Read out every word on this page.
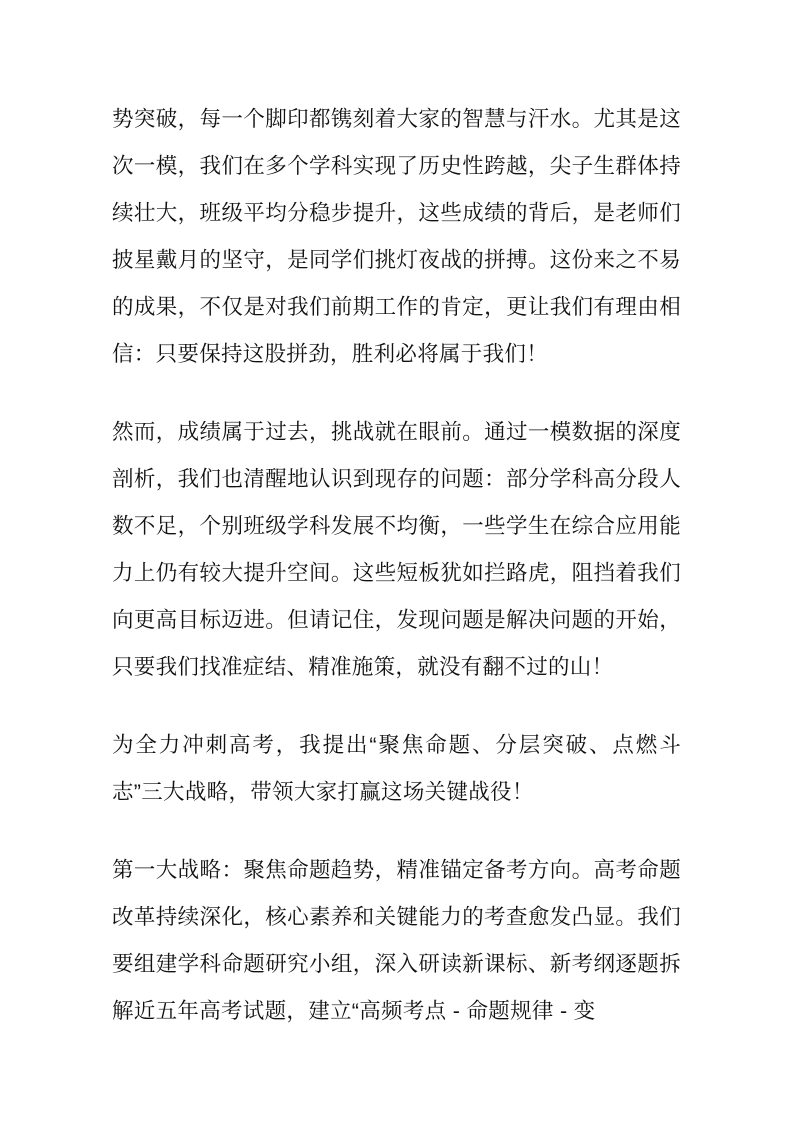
势突破，每一个脚印都镌刻着大家的智慧与汗水。尤其是这次一模，我们在多个学科实现了历史性跨越，尖子生群体持续壮大，班级平均分稳步提升，这些成绩的背后，是老师们披星戴月的坚守，是同学们挑灯夜战的拼搏。这份来之不易的成果，不仅是对我们前期工作的肯定，更让我们有理由相信：只要保持这股拼劲，胜利必将属于我们！

然而，成绩属于过去，挑战就在眼前。通过一模数据的深度剖析，我们也清醒地认识到现存的问题：部分学科高分段人数不足，个别班级学科发展不均衡，一些学生在综合应用能力上仍有较大提升空间。这些短板犹如拦路虎，阻挡着我们向更高目标迈进。但请记住，发现问题是解决问题的开始，只要我们找准症结、精准施策，就没有翻不过的山！

为全力冲刺高考，我提出“聚焦命题、分层突破、点燃斗志”三大战略，带领大家打赢这场关键战役！

第一大战略：聚焦命题趋势，精准锚定备考方向。高考命题改革持续深化，核心素养和关键能力的考查愈发凸显。我们要组建学科命题研究小组，深入研读新课标、新考纲逐题拆解近五年高考试题，建立“高频考点 - 命题规律 - 变
